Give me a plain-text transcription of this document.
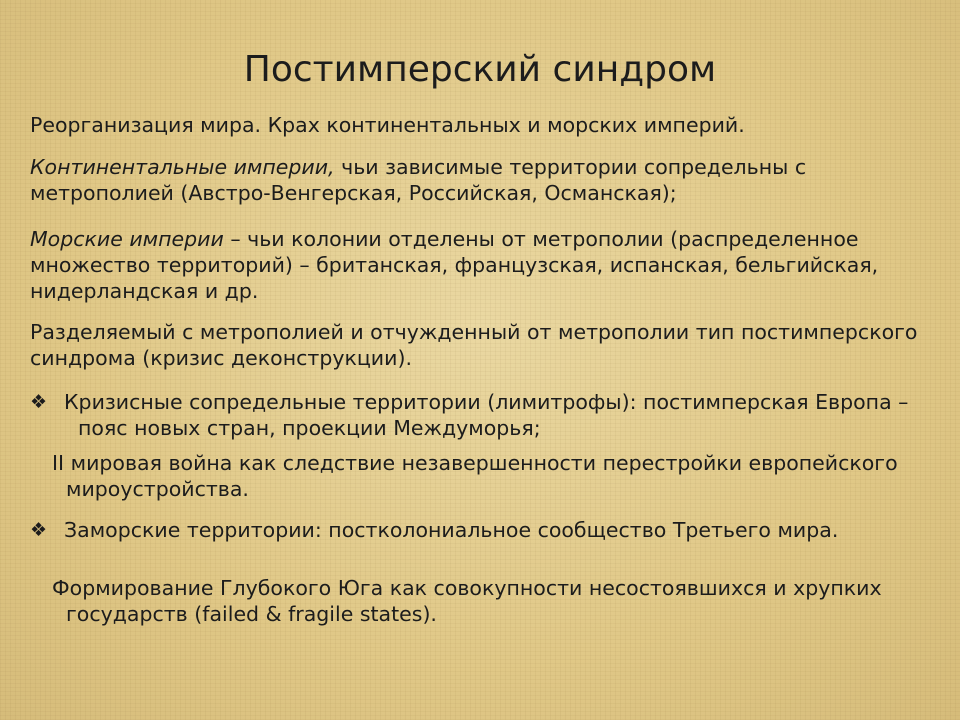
Постимперский синдром

Реорганизация мира. Крах континентальных и морских империй.

Континентальные империи, чьи зависимые территории сопредельны с метрополией (Австро-Венгерская, Российская, Османская);

Морские империи – чьи колонии отделены от метрополии (распределенное множество территорий) – британская, французская, испанская, бельгийская, нидерландская и др.

Разделяемый с метрополией и отчужденный от метрополии тип постимперского синдрома (кризис деконструкции).

❖ Кризисные сопредельные территории (лимитрофы): постимперская Европа – пояс новых стран, проекции Междуморья;

II мировая война как следствие незавершенности перестройки европейского мироустройства.

❖ Заморские территории: постколониальное сообщество Третьего мира.

Формирование Глубокого Юга как совокупности несостоявшихся и хрупких государств (failed & fragile states).
